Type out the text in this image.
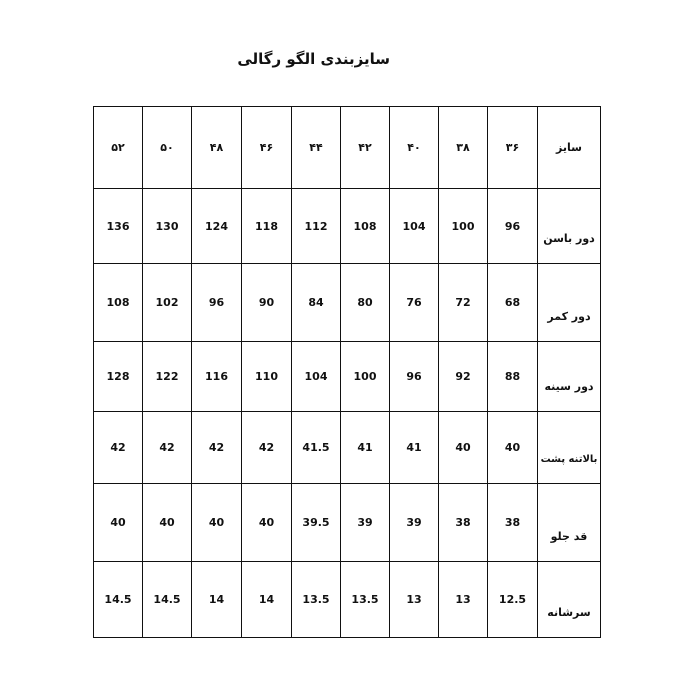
سایزبندی الگو رگالی
۵۲	۵۰	۴۸	۴۶	۴۴	۴۲	۴۰	۳۸	۳۶	سایز
136	130	124	118	112	108	104	100	96	دور باسن
108	102	96	90	84	80	76	72	68	دور کمر
128	122	116	110	104	100	96	92	88	دور سینه
42	42	42	42	41.5	41	41	40	40	بالاتنه پشت
40	40	40	40	39.5	39	39	38	38	قد جلو
14.5	14.5	14	14	13.5	13.5	13	13	12.5	سرشانه
